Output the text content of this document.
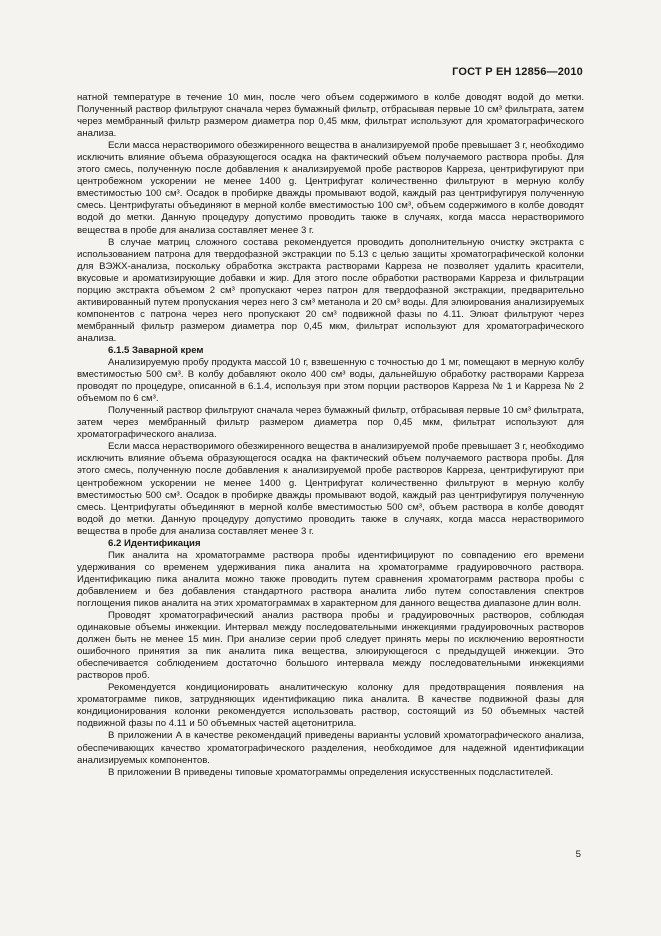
ГОСТ Р ЕН 12856—2010

натной температуре в течение 10 мин, после чего объем содержимого в колбе доводят водой до метки. Полученный раствор фильтруют сначала через бумажный фильтр, отбрасывая первые 10 см³ фильтрата, затем через мембранный фильтр размером диаметра пор 0,45 мкм, фильтрат используют для хроматографического анализа.

Если масса нерастворимого обезжиренного вещества в анализируемой пробе превышает 3 г, необходимо исключить влияние объема образующегося осадка на фактический объем получаемого раствора пробы. Для этого смесь, полученную после добавления к анализируемой пробе растворов Карреза, центрифугируют при центробежном ускорении не менее 1400 g. Центрифугат количественно фильтруют в мерную колбу вместимостью 100 см³. Осадок в пробирке дважды промывают водой, каждый раз центрифугируя полученную смесь. Центрифугаты объединяют в мерной колбе вместимостью 100 см³, объем содержимого в колбе доводят водой до метки. Данную процедуру допустимо проводить также в случаях, когда масса нерастворимого вещества в пробе для анализа составляет менее 3 г.

В случае матриц сложного состава рекомендуется проводить дополнительную очистку экстракта с использованием патрона для твердофазной экстракции по 5.13 с целью защиты хроматографической колонки для ВЭЖХ-анализа, поскольку обработка экстракта растворами Карреза не позволяет удалить красители, вкусовые и ароматизирующие добавки и жир. Для этого после обработки растворами Карреза и фильтрации порцию экстракта объемом 2 см³ пропускают через патрон для твердофазной экстракции, предварительно активированный путем пропускания через него 3 см³ метанола и 20 см³ воды. Для элюирования анализируемых компонентов с патрона через него пропускают 20 см³ подвижной фазы по 4.11. Элюат фильтруют через мембранный фильтр размером диаметра пор 0,45 мкм, фильтрат используют для хроматографического анализа.

6.1.5 Заварной крем

Анализируемую пробу продукта массой 10 г, взвешенную с точностью до 1 мг, помещают в мерную колбу вместимостью 500 см³. В колбу добавляют около 400 см³ воды, дальнейшую обработку растворами Карреза проводят по процедуре, описанной в 6.1.4, используя при этом порции растворов Карреза № 1 и Карреза № 2 объемом по 6 см³.

Полученный раствор фильтруют сначала через бумажный фильтр, отбрасывая первые 10 см³ фильтрата, затем через мембранный фильтр размером диаметра пор 0,45 мкм, фильтрат используют для хроматографического анализа.

Если масса нерастворимого обезжиренного вещества в анализируемой пробе превышает 3 г, необходимо исключить влияние объема образующегося осадка на фактический объем получаемого раствора пробы. Для этого смесь, полученную после добавления к анализируемой пробе растворов Карреза, центрифугируют при центробежном ускорении не менее 1400 g. Центрифугат количественно фильтруют в мерную колбу вместимостью 500 см³. Осадок в пробирке дважды промывают водой, каждый раз центрифугируя полученную смесь. Центрифугаты объединяют в мерной колбе вместимостью 500 см³, объем раствора в колбе доводят водой до метки. Данную процедуру допустимо проводить также в случаях, когда масса нерастворимого вещества в пробе для анализа составляет менее 3 г.

6.2 Идентификация

Пик аналита на хроматограмме раствора пробы идентифицируют по совпадению его времени удерживания со временем удерживания пика аналита на хроматограмме градуировочного раствора. Идентификацию пика аналита можно также проводить путем сравнения хроматограмм раствора пробы с добавлением и без добавления стандартного раствора аналита либо путем сопоставления спектров поглощения пиков аналита на этих хроматограммах в характерном для данного вещества диапазоне длин волн.

Проводят хроматографический анализ раствора пробы и градуировочных растворов, соблюдая одинаковые объемы инжекции. Интервал между последовательными инжекциями градуировочных растворов должен быть не менее 15 мин. При анализе серии проб следует принять меры по исключению вероятности ошибочного принятия за пик аналита пика вещества, элюирующегося с предыдущей инжекции. Это обеспечивается соблюдением достаточно большого интервала между последовательными инжекциями растворов проб.

Рекомендуется кондиционировать аналитическую колонку для предотвращения появления на хроматограмме пиков, затрудняющих идентификацию пика аналита. В качестве подвижной фазы для кондиционирования колонки рекомендуется использовать раствор, состоящий из 50 объемных частей подвижной фазы по 4.11 и 50 объемных частей ацетонитрила.

В приложении А в качестве рекомендаций приведены варианты условий хроматографического анализа, обеспечивающих качество хроматографического разделения, необходимое для надежной идентификации анализируемых компонентов.

В приложении В приведены типовые хроматограммы определения искусственных подсластителей.

5
